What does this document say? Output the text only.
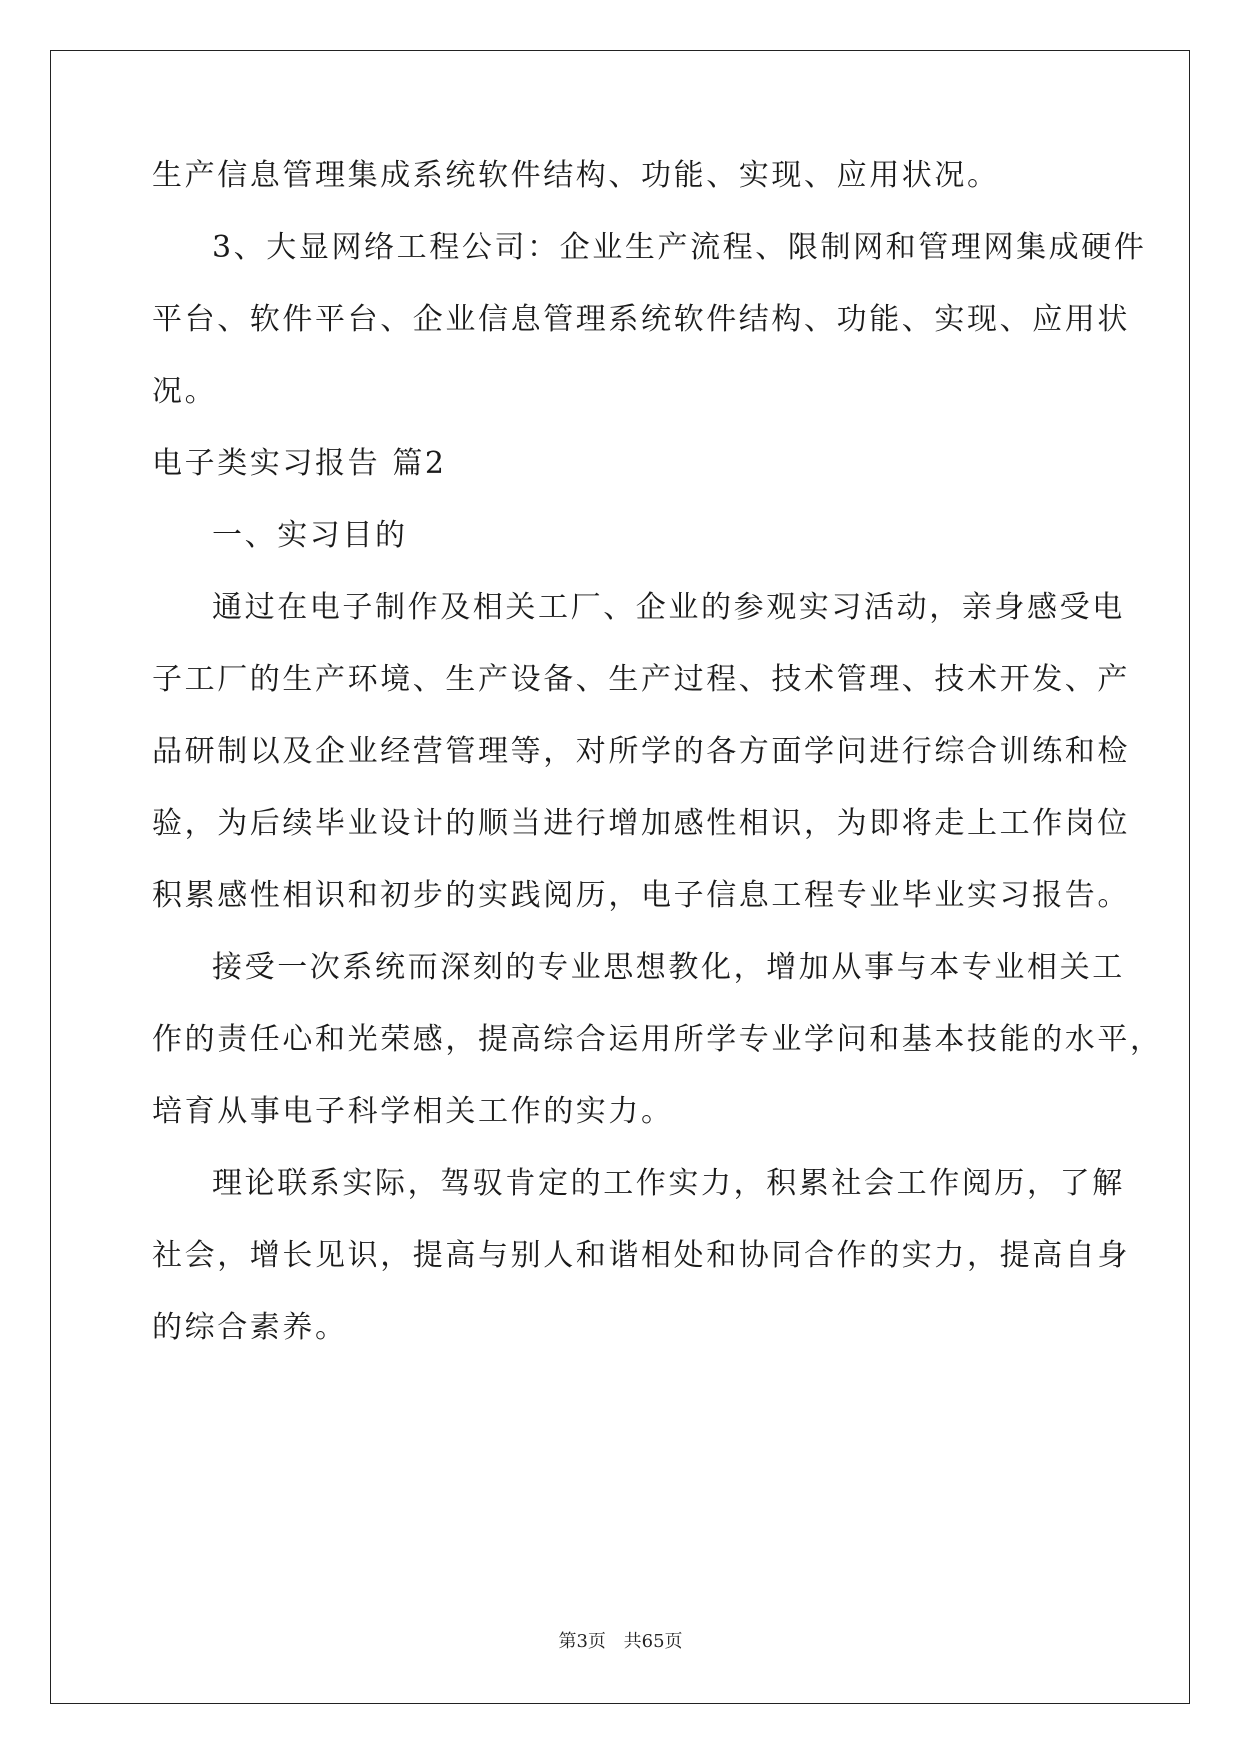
生产信息管理集成系统软件结构、功能、实现、应用状况。
3、大显网络工程公司：企业生产流程、限制网和管理网集成硬件
平台、软件平台、企业信息管理系统软件结构、功能、实现、应用状
况。
电子类实习报告 篇2
一、实习目的
通过在电子制作及相关工厂、企业的参观实习活动，亲身感受电
子工厂的生产环境、生产设备、生产过程、技术管理、技术开发、产
品研制以及企业经营管理等，对所学的各方面学问进行综合训练和检
验，为后续毕业设计的顺当进行增加感性相识，为即将走上工作岗位
积累感性相识和初步的实践阅历，电子信息工程专业毕业实习报告。
接受一次系统而深刻的专业思想教化，增加从事与本专业相关工
作的责任心和光荣感，提高综合运用所学专业学问和基本技能的水平，
培育从事电子科学相关工作的实力。
理论联系实际，驾驭肯定的工作实力，积累社会工作阅历，了解
社会，增长见识，提高与别人和谐相处和协同合作的实力，提高自身
的综合素养。
第3页 共65页
